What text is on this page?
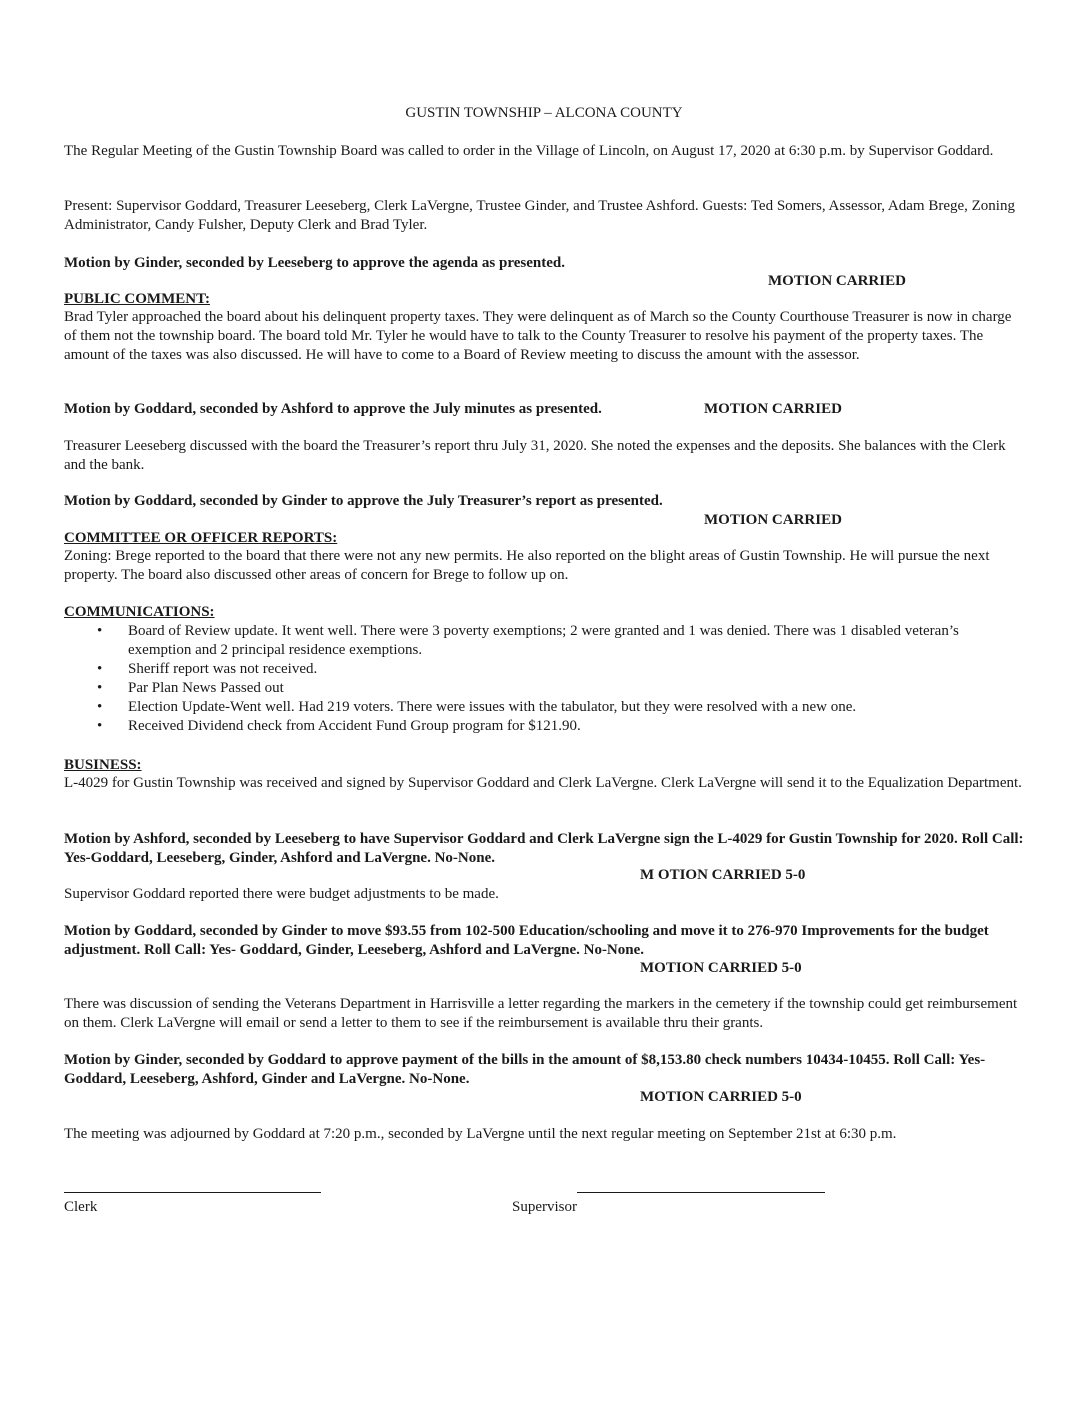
GUSTIN TOWNSHIP – ALCONA COUNTY

The Regular Meeting of the Gustin Township Board was called to order in the Village of Lincoln, on August 17, 2020 at 6:30 p.m. by Supervisor Goddard.

Present: Supervisor Goddard, Treasurer Leeseberg, Clerk LaVergne, Trustee Ginder, and Trustee Ashford. Guests: Ted Somers, Assessor, Adam Brege, Zoning Administrator, Candy Fulsher, Deputy Clerk and Brad Tyler.

Motion by Ginder, seconded by Leeseberg to approve the agenda as presented.

MOTION CARRIED
PUBLIC COMMENT:

Brad Tyler approached the board about his delinquent property taxes. They were delinquent as of March so the County Courthouse Treasurer is now in charge of them not the township board. The board told Mr. Tyler he would have to talk to the County Treasurer to resolve his payment of the property taxes. The amount of the taxes was also discussed. He will have to come to a Board of Review meeting to discuss the amount with the assessor.

Motion by Goddard, seconded by Ashford to approve the July minutes as presented.	MOTION CARRIED

Treasurer Leeseberg discussed with the board the Treasurer’s report thru July 31, 2020. She noted the expenses and the deposits. She balances with the Clerk and the bank.

Motion by Goddard, seconded by Ginder to approve the July Treasurer’s report as presented.
MOTION CARRIED
COMMITTEE OR OFFICER REPORTS:

Zoning: Brege reported to the board that there were not any new permits. He also reported on the blight areas of Gustin Township. He will pursue the next property. The board also discussed other areas of concern for Brege to follow up on.

COMMUNICATIONS:
• Board of Review update. It went well. There were 3 poverty exemptions; 2 were granted and 1 was denied. There was 1 disabled veteran’s exemption and 2 principal residence exemptions.
• Sheriff report was not received.
• Par Plan News Passed out
• Election Update-Went well. Had 219 voters. There were issues with the tabulator, but they were resolved with a new one.
• Received Dividend check from Accident Fund Group program for $121.90.
BUSINESS:

L-4029 for Gustin Township was received and signed by Supervisor Goddard and Clerk LaVergne. Clerk LaVergne will send it to the Equalization Department.

Motion by Ashford, seconded by Leeseberg to have Supervisor Goddard and Clerk LaVergne sign the L-4029 for Gustin Township for 2020. Roll Call: Yes-Goddard, Leeseberg, Ginder, Ashford and LaVergne. No-None.

M OTION CARRIED 5-0
Supervisor Goddard reported there were budget adjustments to be made.

Motion by Goddard, seconded by Ginder to move $93.55 from 102-500 Education/schooling and move it to 276-970 Improvements for the budget adjustment. Roll Call: Yes- Goddard, Ginder, Leeseberg, Ashford and LaVergne. No-None.

MOTION CARRIED 5-0

There was discussion of sending the Veterans Department in Harrisville a letter regarding the markers in the cemetery if the township could get reimbursement on them. Clerk LaVergne will email or send a letter to them to see if the reimbursement is available thru their grants.

Motion by Ginder, seconded by Goddard to approve payment of the bills in the amount of $8,153.80 check numbers 10434-10455. Roll Call: Yes- Goddard, Leeseberg, Ashford, Ginder and LaVergne. No-None.

MOTION CARRIED 5-0
The meeting was adjourned by Goddard at 7:20 p.m., seconded by LaVergne until the next regular meeting on September 21st at 6:30 p.m.
Clerk	Supervisor
